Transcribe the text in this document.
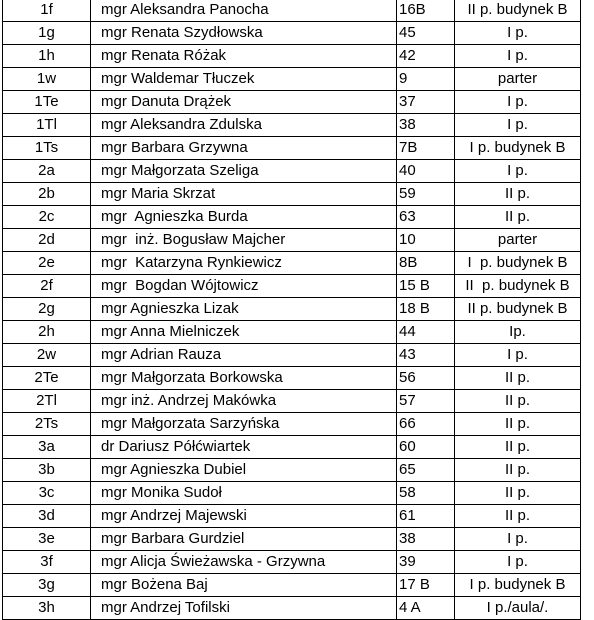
1f	mgr Aleksandra Panocha	16B	II p. budynek B
1g	mgr Renata Szydłowska	45	I p.
1h	mgr Renata Różak	42	I p.
1w	mgr Waldemar Tłuczek	9	parter
1Te	mgr Danuta Drążek	37	I p.
1Tl	mgr Aleksandra Zdulska	38	I p.
1Ts	mgr Barbara Grzywna	7B	I p. budynek B
2a	mgr Małgorzata Szeliga	40	I p.
2b	mgr Maria Skrzat	59	II p.
2c	mgr  Agnieszka Burda	63	II p.
2d	mgr  inż. Bogusław Majcher	10	parter
2e	mgr  Katarzyna Rynkiewicz	8B	I  p. budynek B
2f	mgr  Bogdan Wójtowicz	15 B	II  p. budynek B
2g	mgr Agnieszka Lizak	18 B	II p. budynek B
2h	mgr Anna Mielniczek	44	Ip.
2w	mgr Adrian Rauza	43	I p.
2Te	mgr Małgorzata Borkowska	56	II p.
2Tl	mgr inż. Andrzej Makówka	57	II p.
2Ts	mgr Małgorzata Sarzyńska	66	II p.
3a	dr Dariusz Półćwiartek	60	II p.
3b	mgr Agnieszka Dubiel	65	II p.
3c	mgr Monika Sudoł	58	II p.
3d	mgr Andrzej Majewski	61	II p.
3e	mgr Barbara Gurdziel	38	I p.
3f	mgr Alicja Świeżawska - Grzywna	39	I p.
3g	mgr Bożena Baj	17 B	I p. budynek B
3h	mgr Andrzej Tofilski	4 A	I p./aula/.
